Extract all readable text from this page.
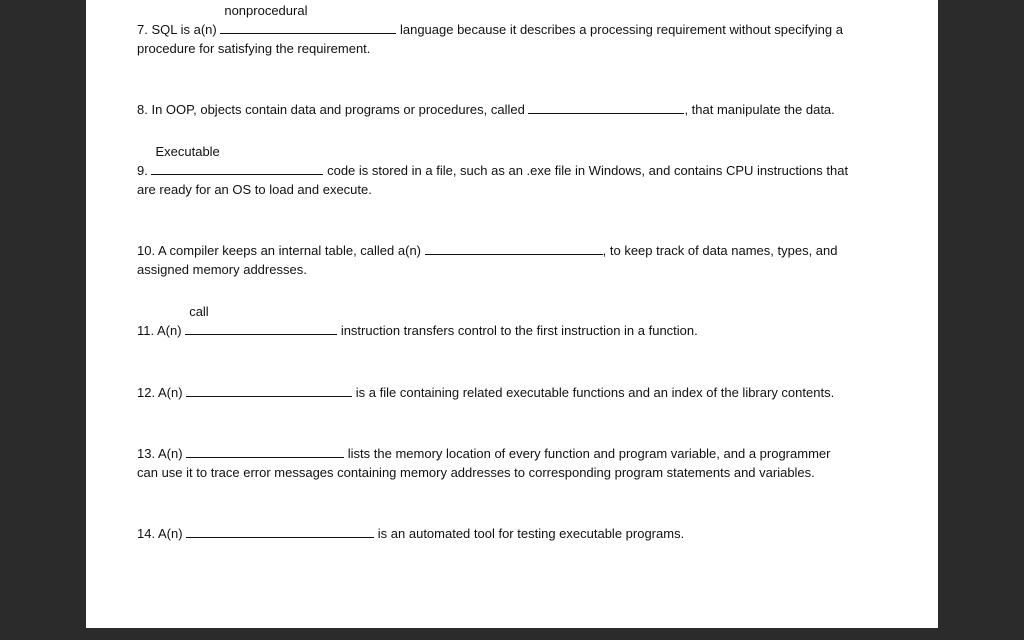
7. SQL is a(n)
nonprocedural
language because it describes a processing requirement without specifying a
procedure for satisfying the requirement.
8. In OOP, objects contain data and programs or procedures, called	, that manipulate the data.
9.
Executable
code is stored in a file, such as an .exe file in Windows, and contains CPU instructions that
are ready for an OS to load and execute.
10. A compiler keeps an internal table, called a(n)	, to keep track of data names, types, and
assigned memory addresses.
11. A(n)
call
instruction transfers control to the first instruction in a function.
12. A(n)	is a file containing related executable functions and an index of the library contents.
13. A(n)	lists the memory location of every function and program variable, and a programmer
can use it to trace error messages containing memory addresses to corresponding program statements and variables.
14. A(n)	is an automated tool for testing executable programs.
